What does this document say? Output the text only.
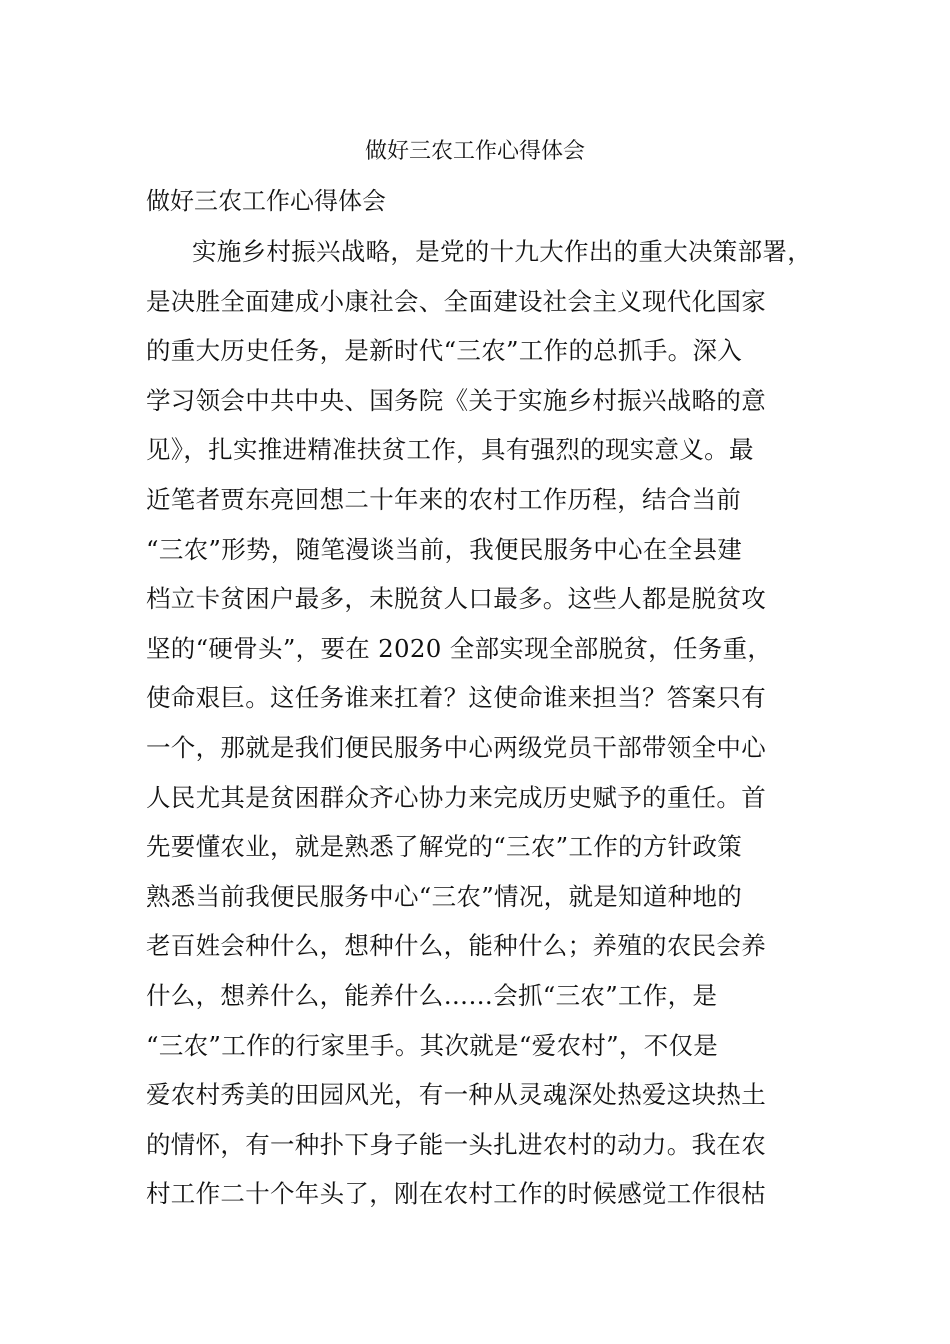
做好三农工作心得体会

做好三农工作心得体会

实施乡村振兴战略，是党的十九大作出的重大决策部署，
是决胜全面建成小康社会、全面建设社会主义现代化国家
的重大历史任务，是新时代“三农”工作的总抓手。深入
学习领会中共中央、国务院《关于实施乡村振兴战略的意
见》，扎实推进精准扶贫工作，具有强烈的现实意义。最
近笔者贾东亮回想二十年来的农村工作历程，结合当前
“三农”形势，随笔漫谈当前，我便民服务中心在全县建
档立卡贫困户最多，未脱贫人口最多。这些人都是脱贫攻
坚的“硬骨头”，要在 2020 全部实现全部脱贫，任务重，
使命艰巨。这任务谁来扛着？这使命谁来担当？答案只有
一个，那就是我们便民服务中心两级党员干部带领全中心
人民尤其是贫困群众齐心协力来完成历史赋予的重任。首
先要懂农业，就是熟悉了解党的“三农”工作的方针政策
熟悉当前我便民服务中心“三农”情况，就是知道种地的
老百姓会种什么，想种什么，能种什么；养殖的农民会养
什么，想养什么，能养什么……会抓“三农”工作，是
“三农”工作的行家里手。其次就是“爱农村”，不仅是
爱农村秀美的田园风光，有一种从灵魂深处热爱这块热土
的情怀，有一种扑下身子能一头扎进农村的动力。我在农
村工作二十个年头了，刚在农村工作的时候感觉工作很枯
